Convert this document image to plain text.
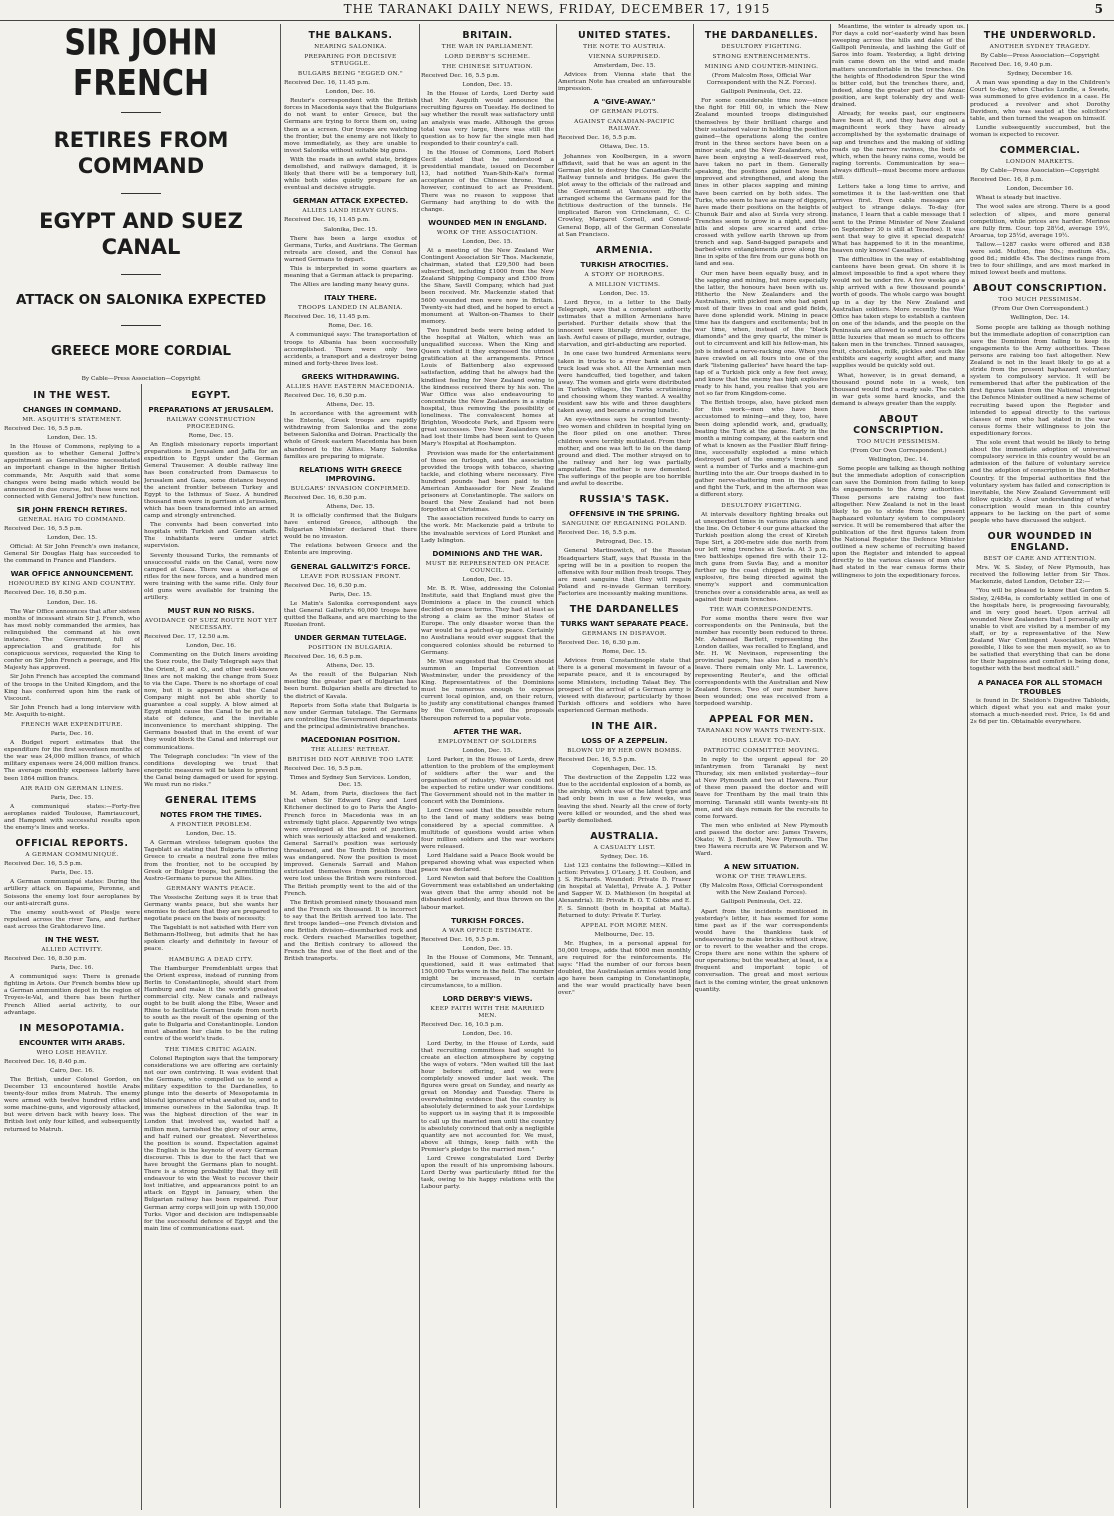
THE TARANAKI DAILY NEWS, FRIDAY, DECEMBER 17, 1915	5
SIR JOHN FRENCH
RETIRES FROM COMMAND
EGYPT AND SUEZ CANAL
ATTACK ON SALONIKA EXPECTED
GREECE MORE CORDIAL
By Cable—Press Association—Copyright
IN THE WEST.
CHANGES IN COMMAND.
MR. ASQUITH'S STATEMENT.
Received Dec. 16, 5.5 p.m.
London, Dec. 15.

In the House of Commons, replying to a question as to whether General Joffre's appointment as Generalissimo necessitated an important change in the higher British commands, Mr. Asquith said that some changes were being made which would be announced in due course, but these were not connected with General Joffre's new function.

SIR JOHN FRENCH RETIRES.
GENERAL HAIG TO COMMAND.
Received Dec. 16, 5.5 p.m.
London, Dec. 15.

Official: At Sir John French's own instance, General Sir Douglas Haig has succeeded to the command in France and Flanders.

WAR OFFICE ANNOUNCEMENT.
HONOURED BY KING AND COUNTRY.
Received Dec. 16, 8.50 p.m.
London, Dec. 16.

The War Office announces that after sixteen months of incessant strain Sir J. French, who has most nobly commanded the armies, has relinquished the command at his own instance. The Government, full of appreciation and gratitude for his conspicuous services, requested the King to confer on Sir John French a peerage, and His Majesty has approved.

Sir John French has accepted the command of the troops in the United Kingdom, and the King has conferred upon him the rank of Viscount.

Sir John French had a long interview with Mr. Asquith to-night.

FRENCH WAR EXPENDITURE.
Paris, Dec. 16.

A Budget report estimates that the expenditure for the first seventeen months of the war was 24,000 million francs, of which military expenses were 24,000 million francs. The average monthly expenses latterly have been 1864 million francs.

AIR RAID ON GERMAN LINES.
Paris, Dec. 15.

A communiqué states:—Forty-five aeroplanes raided Toulouse, Ramriaucourt, and Hampont with successful results upon the enemy's lines and works.

OFFICIAL REPORTS.
A GERMAN COMMUNIQUÉ.
Received Dec. 16, 5.5 p.m.
Paris, Dec. 15.

A German communiqué states: During the artillery attack on Bapaume, Peronne, and Soissons the enemy lost four aeroplanes by our anti-aircraft guns.

The enemy south-west of Pleslje were repulsed across the river Tara, and further east across the Grahtodarevo line.

IN THE WEST.
ALLIED ACTIVITY.
Received Dec. 16, 8.30 p.m.
Paris, Dec. 16.

A communiqué says: There is grenade fighting in Artois. Our French bombs blew up a German ammunition depot in the region of Troyes-le-Val, and there has been further French Allied aerial activity, to our advantage.

IN MESOPOTAMIA.
ENCOUNTER WITH ARABS.
WHO LOSE HEAVILY.
Received Dec. 16, 8.40 p.m.
Cairo, Dec. 16.

The British, under Colonel Gordon, on December 13 encountered hostile Arabs twenty-four miles from Matruh. The enemy were armed with twelve hundred rifles and some machine-guns, and vigorously attacked, but were driven back with heavy loss. The British lost only four killed, and subsequently returned to Matruh.

EGYPT.
PREPARATIONS AT JERUSALEM.
RAILWAY CONSTRUCTION PROCEEDING.
Rome, Dec. 15.

An English missionary reports important preparations in Jerusalem and Jaffa for an expedition to Egypt under the German General Trausemer. A double railway line has been constructed from Damascus to Jerusalem and Gaza, some distance beyond the ancient frontier between Turkey and Egypt to the Isthmus of Suez. A hundred thousand men were in garrison at Jerusalem, which has been transformed into an armed camp and strongly entrenched.

The convents had been converted into hospitals with Turkish and German staffs. The inhabitants were under strict supervision.

Seventy thousand Turks, the remnants of unsuccessful raids on the Canal, were now camped at Gaza. There was a shortage of rifles for the new forces, and a hundred men were training with the same rifle. Only four old guns were available for training the artillery.

MUST RUN NO RISKS.
AVOIDANCE OF SUEZ ROUTE NOT YET NECESSARY.
Received Dec. 17, 12.50 a.m.
London, Dec. 16.

Commenting on the Dutch liners avoiding the Suez route, the Daily Telegraph says that the Orient, P. and O., and other well-known lines are not making the change from Suez to via the Cape. There is no shortage of coal now, but it is apparent that the Canal Company might not be able shortly to guarantee a coal supply. A blow aimed at Egypt might cause the Canal to be put in a state of defence, and the inevitable inconvenience to merchant shipping. The Germans boasted that in the event of war they would block the Canal and interrupt our communications.

The Telegraph concludes: "In view of the conditions developing we trust that energetic measures will be taken to prevent the Canal being damaged or used for spying. We must run no risks."

GENERAL ITEMS
NOTES FROM THE TIMES.
A FRONTIER PROBLEM.
London, Dec. 15.

A German wireless telegram quotes the Tageblatt as stating that Bulgaria is offering Greece to create a neutral zone five miles from the frontier, not to be occupied by Greek or Bulgar troops, but permitting the Austro-Germans to pursue the Allies.

GERMANY WANTS PEACE.

The Vossische Zeitung says it is true that Germany wants peace, but she wants her enemies to declare that they are prepared to negotiate peace on the basis of necessity.

The Tageblatt is not satisfied with Herr von Bethmann-Hollweg, but admits that he has spoken clearly and definitely in favour of peace.

HAMBURG A DEAD CITY.

The Hamburger Fremdenblatt urges that the Orient express, instead of running from Berlin to Constantinople, should start from Hamburg and make it the world's greatest commercial city. New canals and railways ought to be built along the Elbe, Weser and Rhine to facilitate German trade from north to south as the result of the opening of the gate to Bulgaria and Constantinople. London must abandon her claim to be the ruling centre of the world's trade.

THE TIMES CRITIC AGAIN.

Colonel Repington says that the temporary considerations we are offering are certainly not our own contriving. It was evident that the Germans, who compelled us to send a military expedition to the Dardanelles, to plunge into the deserts of Mesopotamia in blissful ignorance of what awaited us, and to immerse ourselves in the Salonika trap. It was the highest direction of the war in London that involved us, wasted half a million men, tarnished the glory of our arms, and half ruined our greatest. Nevertheless the position is sound. Expectation against the English is the keynote of every German discourse. This is due to the fact that we have brought the Germans plan to nought. There is a strong probability that they will endeavour to win the West to recover their lost initiative, and appearances point to an attack on Egypt in January, when the Bulgarian railway has been repaired. Four German army corps will join up with 150,000 Turks. Vigor and decision are indispensable for the successful defence of Egypt and the main line of communications east.

THE BALKANS.
NEARING SALONIKA.
PREPARING FOR DECISIVE STRUGGLE.
BULGARS BEING "EGGED ON."
Received Dec. 16, 11.45 p.m.
London, Dec. 16.

Reuter's correspondent with the British forces in Macedonia says that the Bulgarians do not want to enter Greece, but the Germans are trying to force them on, using them as a screen. Our troops are watching the frontier, but the enemy are not likely to move immediately, as they are unable to invest Salonika without suitable big guns.

With the roads in an awful state, bridges demolished, and railways damaged, it is likely that there will be a temporary lull, while both sides quietly prepare for an eventual and decisive struggle.

GERMAN ATTACK EXPECTED.
ALLIES LAND HEAVY GUNS.
Received Dec. 16, 11.45 p.m.
Salonika, Dec. 15.

There has been a large exodus of Germans, Turks, and Austrians. The German retreats are closed, and the Consul has warned Germans to depart.

This is interpreted in some quarters as meaning that a German attack is preparing.

The Allies are landing many heavy guns.

ITALY THERE.
TROOPS LANDED IN ALBANIA.
Received Dec. 16, 11.45 p.m.
Rome, Dec. 16.

A communiqué says: The transportation of troops to Albania has been successfully accomplished. There were only two accidents, a transport and a destroyer being mined and forty-three lives lost.

GREEKS WITHDRAWING.
ALLIES HAVE EASTERN MACEDONIA.
Received Dec. 16, 6.30 p.m.
Athens, Dec. 15.

In accordance with the agreement with the Entente, Greek troops are rapidly withdrawing from Salonika and the zone between Salonika and Doiran. Practically the whole of Greek eastern Macedonia has been abandoned to the Allies. Many Salonika families are preparing to migrate.

RELATIONS WITH GREECE IMPROVING.
BULGARS' INVASION CONFIRMED.
Received Dec. 16, 6.30 p.m.
Athens, Dec. 15.

It is officially confirmed that the Bulgars have entered Greece, although the Bulgarian Minister declared that there would be no invasion.

The relations between Greece and the Entente are improving.

GENERAL GALLWITZ'S FORCE.
LEAVE FOR RUSSIAN FRONT.
Received Dec. 16, 6.30 p.m.
Paris, Dec. 15.

Le Matin's Salonika correspondent says that General Gallwitz's 60,000 troops have quitted the Balkans, and are marching to the Russian front.

UNDER GERMAN TUTELAGE.
POSITION IN BULGARIA.
Received Dec. 16, 6.5 p.m.
Athens, Dec. 15.

As the result of the Bulgarian Nish meeting the greater part of Bulgarian has been burnt. Bulgarian shells are directed to the district of Kavala.

Reports from Sofia state that Bulgaria is now under German tutelage. The Germans are controlling the Government departments and the principal administrative branches.

MACEDONIAN POSITION.
THE ALLIES' RETREAT.
BRITISH DID NOT ARRIVE TOO LATE
Received Dec. 16, 5.5 p.m.
Times and Sydney Sun Services. London, Dec. 15.

M. Adam, from Paris, discloses the fact that when Sir Edward Grey and Lord Kitchener declined to go to Paris the Anglo-French force in Macedonia was in an extremely tight place. Apparently two wings were enveloped at the point of junction, which was seriously attacked and weakened. General Sarrail's position was seriously threatened, and the Tenth British Division was endangered. Now the position is most improved. Generals Sarrail and Mahon extricated themselves from positions that were lost unless the British were reinforced. The British promptly went to the aid of the French.

The British promised ninety thousand men and the French six thousand. It is incorrect to say that the British arrived too late. The first troops landed—one French division and one British division—disembarked rock and rock. Orders reached Marseilles together, and the British contrary to allowed the French the first use of the fleet and of the British transports.

BRITAIN.
THE WAR IN PARLIAMENT.
LORD DERBY'S SCHEME.
THE CHINESE SITUATION.
Received Dec. 16, 5.5 p.m.
London, Dec. 15.

In the House of Lords, Lord Derby said that Mr. Asquith would announce the recruiting figures on Tuesday. He declined to say whether the result was satisfactory until an analysis was made. Although the gross total was very large, there was still the question as to how far the single men had responded to their country's call.

In the House of Commons, Lord Robert Cecil stated that he understood a presidential mandate, issued on December 13, had notified Yuan-Shih-Kai's formal acceptance of the Chinese throne. Yuan, however, continued to act as President. There was no reason to suppose that Germany had anything to do with the change.

WOUNDED MEN IN ENGLAND.
WORK OF THE ASSOCIATION.
London, Dec. 15.

At a meeting of the New Zealand War Contingent Association Sir Thos. Mackenzie, chairman, stated that £29,500 had been subscribed, including £1000 from the New Zealand Shipping Company and £500 from the Shaw, Savill Company, which had just been received. Mr. Mackenzie stated that 5600 wounded men were now in Britain. Twenty-six had died, and he hoped to erect a monument at Walton-on-Thames to their memory.

Two hundred beds were being added to the hospital at Walton, which was an unqualified success. When the King and Queen visited it they expressed the utmost gratification at the arrangements. Prince Louis of Battenberg also expressed satisfaction, adding that he always had the kindliest feeling for New Zealand owing to the kindness received there by his son. The War Office was also endeavouring to concentrate the New Zealanders in a single hospital, thus removing the possibility of loneliness. The convalescent homes at Brighton, Woodcote Park, and Epsom were great successes. Two New Zealanders who had lost their limbs had been sent to Queen Mary's Hospital at Roehampton.

Provision was made for the entertainment of those on furlough, and the association provided the troops with tobacco, shaving tackle, and clothing where necessary. Five hundred pounds had been paid to the American Ambassador for New Zealand prisoners at Constantinople. The sailors on board the New Zealand had not been forgotten at Christmas.

The association received funds to carry on the work. Mr. Mackenzie paid a tribute to the invaluable services of Lord Plunket and Lady Islington.

DOMINIONS AND THE WAR.
MUST BE REPRESENTED ON PEACE COUNCIL.
London, Dec. 15.

Mr. B. R. Wise, addressing the Colonial Institute, said that England must give the Dominions a place in the council which decided on peace terms. They had at least as strong a claim as the minor States of Europe. The only disaster worse than the war would be a patched-up peace. Certainly no Australians would ever suggest that the conquered colonies should be returned to Germany.

Mr. Wise suggested that the Crown should summon an Imperial Convention at Westminster, under the presidency of the King. Representatives of the Dominions must be numerous enough to express current local opinion, and, on their return, to justify any constitutional changes framed by the Convention, and the proposals thereupon referred to a popular vote.

AFTER THE WAR.
EMPLOYMENT OF SOLDIERS
London, Dec. 15.

Lord Parker, in the House of Lords, drew attention to the problem of the employment of soldiers after the war and the organisation of industry. Women could not be expected to retire under war conditions. The Government should not in the matter in concert with the Dominions.

Lord Crewe said that the possible return to the land of many soldiers was being considered by a special committee. A multitude of questions would arise when four million soldiers and the war workers were released.

Lord Haldane said a Peace Book would be prepared showing what was expected when peace was declared.

Lord Newton said that before the Coalition Government was established an undertaking was given that the army should not be disbanded suddenly, and thus thrown on the labour market.

TURKISH FORCES.
A WAR OFFICE ESTIMATE.
Received Dec. 16, 5.5 p.m.
London, Dec. 15.

In the House of Commons, Mr. Tennant, questioned, said it was estimated that 150,000 Turks were in the field. The number might be increased, in certain circumstances, to a million.

LORD DERBY'S VIEWS.
KEEP FAITH WITH THE MARRIED MEN.
Received Dec. 16, 10.5 p.m.
London, Dec. 16.

Lord Derby, in the House of Lords, said that recruiting committees had sought to create an election atmosphere by copying the ways of voters. "Men waited till the last hour before offering, and we were completely snowed under last week. The figures were great on Sunday, and nearly as great on Monday and Tuesday. There is overwhelming evidence that the country is absolutely determined to ask your Lordships to support us in saying that it is impossible to call up the married men until the country is absolutely convinced that only a negligible quantity are not accounted for. We must, above all things, keep faith with the Premier's pledge to the married men."

Lord Crewe congratulated Lord Derby upon the result of his unpromising labours. Lord Derby was particularly fitted for the task, owing to his happy relations with the Labour party.

UNITED STATES.
THE NOTE TO AUSTRIA.
VIENNA SURPRISED.
Amsterdam, Dec. 15.

Advices from Vienna state that the American Note has created an unfavourable impression.

A "GIVE-AWAY."
OF GERMAN PLOTS.
AGAINST CANADIAN-PACIFIC RAILWAY.
Received Dec. 16, 5.5 p.m.
Ottawa, Dec. 15.

Johannes von Koolbergen, in a sworn affidavit, said that he was an agent in the German plot to destroy the Canadian-Pacific Railway tunnels and bridges. He gave the plot away to the officials of the railroad and the Government at Vancouver. By the arranged scheme the Germans paid for the fictitious destruction of the tunnels. He implicated Baron von Crinckmann, C. C. Crowley, Margaret Cornell, and Consul-General Bopp, all of the German Consulate at San Francisco.

ARMENIA.
TURKISH ATROCITIES.
A STORY OF HORRORS.
A MILLION VICTIMS.
London, Dec. 15.

Lord Bryce, in a letter to the Daily Telegraph, says that a competent authority estimates that a million Armenians have perished. Further details show that the innocent were literally driven under the lash. Awful cases of pillage, murder, outrage, starvation, and girl-abducting are reported.

In one case two hundred Armenians were taken in trucks to a river bank and each truck load was shot. All the Armenian men were handcuffed, tied together, and taken away. The women and girls were distributed in Turkish villages, the Turks scrutinising and choosing whom they wanted. A wealthy resident saw his wife and three daughters taken away, and became a raving lunatic.

An eye-witness says he counted twenty-two women and children in hospital lying on the floor piled on one another. Three children were terribly mutilated. From their mother, and one was left to lie on the damp ground and died. The mother strayed on to the railway and her leg was partially amputated. The mother is now demented. The sufferings of the people are too horrible and awful to describe.

RUSSIA'S TASK.
OFFENSIVE IN THE SPRING.
SANGUINE OF REGAINING POLAND.
Received Dec. 16, 5.5 p.m.
Petrograd, Dec. 15.

General Martinowitch, of the Russian Headquarters Staff, says that Russia in the spring will be in a position to reopen the offensive with four million fresh troops. They are most sanguine that they will regain Poland and re-invade German territory. Factories are incessantly making munitions.

THE DARDANELLES
TURKS WANT SEPARATE PEACE.
GERMANS IN DISFAVOR.
Received Dec. 16, 6.30 p.m.
Rome, Dec. 15.

Advices from Constantinople state that there is a general movement in favour of a separate peace, and it is encouraged by some Ministers, including Talaat Bey. The prospect of the arrival of a German army is viewed with disfavour, particularly by those Turkish officers and soldiers who have experienced German methods.

IN THE AIR.
LOSS OF A ZEPPELIN.
BLOWN UP BY HER OWN BOMBS.
Received Dec. 16, 5.5 p.m.
Copenhagen, Dec. 15.

The destruction of the Zeppelin L22 was due to the accidental explosion of a bomb, as the airship, which was of the latest type and had only been in use a few weeks, was leaving the shed. Nearly all the crew of forty were killed or wounded, and the shed was partly demolished.

AUSTRALIA.
A CASUALTY LIST.
Sydney, Dec. 16.

List 123 contains the following:—Killed in action: Privates J. O'Leary, J. H. Coulson, and J. S. Richards. Wounded: Private D. Fraser (in hospital at Valetta), Private A. J. Potter and Sapper W. D. Mathieson (in hospital at Alexandria). Ill: Private R. O. T. Gibbs and E. F. S. Sinnott (both in hospital at Malta). Returned to duty: Private F. Turley.

APPEAL FOR MORE MEN.
Melbourne, Dec. 15.

Mr. Hughes, in a personal appeal for 50,000 troops, adds that 6000 men monthly are required for the reinforcements. He says: "Had the number of our forces been doubled, the Australasian armies would long ago have been camping in Constantinople, and the war would practically have been over."

THE DARDANELLES.
DESULTORY FIGHTING.
STRONG ENTRENCHMENTS.
MINING AND COUNTER-MINING.
(From Malcolm Ross, Official War Correspondent with the N.Z. Forces).
Gallipoli Peninsula, Oct. 22.

For some considerable time now—since the fight for Hill 60, in which the New Zealand mounted troops distinguished themselves by their brilliant charge and their sustained valour in holding the position gained—the operations along the centre front in the three sectors have been on a minor scale, and the New Zealanders, who have been enjoying a well-deserved rest, have taken no part in them. Generally speaking, the positions gained have been improved and strengthened, and along the lines in other places sapping and mining have been carried on by both sides. The Turks, who seem to have as many of diggers, have made their positions on the heights of Chunuk Bair and also at Suvla very strong. Trenches seem to grow in a night, and the hills and slopes are scarred and criss-crossed with yellow earth thrown up from trench and sap. Sand-bagged parapets and barbed-wire entanglements grow along the line in spite of the fire from our guns both on land and sea.

Our men have been equally busy, and in the sapping and mining, but more especially the latter, the honours have been with us. Hitherto the New Zealanders and the Australians, with picked men who had spent most of their lives in coal and gold fields, have done splendid work. Mining in peace time has its dangers and excitements; but in war time, when, instead of the "black diamonds" and the grey quartz, the miner is out to circumvent and kill his fellow-man, his job is indeed a nerve-racking one. When you have crawled on all fours into one of the dark "listening galleries" have heard the tap-tap of a Turkish pick only a few feet away, and know that the enemy has high explosive ready to his hand, you realise that you are not so far from Kingdom-come.

The British troops, also, have picked men for this work—men who have been accustomed to mining—and they, too, have been doing splendid work, and, gradually, beating the Turk at the game. Early in the month a mining company, at the eastern end of what is known as the Fusilier Bluff firing-line, successfully exploded a mine which destroyed part of the enemy's trench and sent a number of Turks and a machine-gun hurtling into the air. Our troops dashed in to gather nerve-shattering men in the place and fight the Turk, and in the afternoon was a different story.

DESULTORY FIGHTING.

At intervals desultory fighting breaks out at unexpected times in various places along the line. On October 4 our guns attacked the Turkish position along the crest of Kireteh Tepe Sirt, a 200-metre side due north from our left wing trenches at Suvla. At 3 p.m. two battleships opened fire with their 12-inch guns from Suvla Bay, and a monitor further up the coast chipped in with high explosive, fire being directed against the enemy's support and communication trenches over a considerable area, as well as against their main trenches.

THE WAR CORRESPONDENTS.

For some months there were five war correspondents on the Peninsula, but the number has recently been reduced to three. Mr. Ashmead Bartlett, representing the London dailies, was recalled to England, and Mr. H. W. Nevinson, representing the provincial papers, has also had a month's leave. There remain only Mr. L. Lawrence, representing Reuter's, and the official correspondents with the Australian and New Zealand forces. Two of our number have been wounded; one was received from a torpedoed warship.

APPEAL FOR MEN.
TARANAKI NOW WANTS TWENTY-SIX.
HOURS LEAVE TO-DAY.
PATRIOTIC COMMITTEE MOVING.

In reply to the urgent appeal for 20 infantrymen from Taranaki by next Thursday, six men enlisted yesterday—four at New Plymouth and two at Hawera. Four of these men passed the doctor and will leave for Trentham by the mail train this morning. Taranaki still wants twenty-six fit men, and six days remain for the recruits to come forward.

The men who enlisted at New Plymouth and passed the doctor are: James Travers, Okato; W. J. Benfield, New Plymouth. The two Hawera recruits are W. Paterson and W. Ward.

A NEW SITUATION.
WORK OF THE TRAWLERS.
(By Malcolm Ross, Official Correspondent with the New Zealand Forces).
Gallipoli Peninsula, Oct. 22.

Apart from the incidents mentioned in yesterday's letter, it has seemed for some time past as if the war correspondents would have the thankless task of endeavouring to make bricks without straw, or to revert to the weather and the crops. Crops there are none within the sphere of our operations; but the weather, at least, is a frequent and important topic of conversation. The great and most serious fact is the coming winter, the great unknown quantity.

Meantime, the winter is already upon us. For days a cold nor'-easterly wind has been sweeping across the hills and dales of the Gallipoli Peninsula, and lashing the Gulf of Saros into foam. Yesterday, a light driving rain came down on the wind and made matters uncomfortable in the trenches. On the heights of Rhododendron Spur the wind is bitter cold, but the trenches there, and, indeed, along the greater part of the Anzac position, are kept tolerably dry and well-drained.

Already, for weeks past, our engineers have been at it, and they have dug out a magnificent work they have already accomplished by the systematic drainage of sap and trenches and the making of sidling roads up the narrow ravines, the beds of which, when the heavy rains come, would be raging torrents. Communication by sea—always difficult—must become more arduous still.

Letters take a long time to arrive, and sometimes it is the last-written one that arrives first. Even cable messages are subject to strange delays. To-day (for instance, I learn that a cable message that I sent to the Prime Minister of New Zealand on September 30 is still at Tenedos). It was sent that way to give it special despatch! What has happened to it in the meantime, heaven only knows! Casualties.

The difficulties in the way of establishing canteens have been great. On shore it is almost impossible to find a spot where they would not be under fire. A few weeks ago a ship arrived with a few thousand pounds' worth of goods. The whole cargo was bought up in a day by the New Zealand and Australian soldiers. More recently the War Office has taken steps to establish a canteen on one of the islands, and the people on the Peninsula are allowed to send across for the little luxuries that mean so much to officers taken men in the trenches. Tinned sausages, fruit, chocolates, milk, pickles and such like exhibits are eagerly sought after, and many supplies would be quickly sold out.

What, however, is in great demand, a thousand pound note in a week, ten thousand would find a ready sale. The catch in war gets some hard knocks, and the demand is always greater than the supply.

ABOUT CONSCRIPTION.
TOO MUCH PESSIMISM.
(From Our Own Correspondent.)
Wellington, Dec. 14.

Some people are talking as though nothing but the immediate adoption of conscription can save the Dominion from failing to keep its engagements to the Army authorities. These persons are raising too fast altogether. New Zealand is not in the least likely to go to stride from the present haphazard voluntary system to compulsory service. It will be remembered that after the publication of the first figures taken from the National Register the Defence Minister outlined a new scheme of recruiting based upon the Register and intended to appeal directly to the various classes of men who had stated in the war census forms their willingness to join the expeditionary forces.

THE UNDERWORLD.
ANOTHER SYDNEY TRAGEDY.
By Cable—Press Association—Copyright
Received Dec. 16, 9.40 p.m.
Sydney, December 16.

A man was spending a day in the Children's Court to-day, when Charles Lundie, a Swede, was summoned to give evidence in a case. He produced a revolver and shot Dorothy Davidson, who was seated at the solicitors' table, and then turned the weapon on himself.

Lundie subsequently succumbed, but the woman is expected to recover.

COMMERCIAL.
LONDON MARKETS.
By Cable—Press Association—Copyright
Received Dec. 16, 8 p.m.
London, December 16.

Wheat is steady but inactive.

The wool sales are strong. There is a good selection of slipes, and more general competition, while prices are harder. Merinos are fully firm. Cour. top 28½d, average 19½, Aroarua, top 25½d, average 19½.

Tallow.—1287 casks were offered and 838 were sold. Mutton, fine 50s.; medium 45s., good 8d.; middle 45s. The declines range from two to four shillings, and are most marked in mixed lowest beefs and muttons.

ABOUT CONSCRIPTION.
TOO MUCH PESSIMISM.
(From Our Own Correspondent.)
Wellington, Dec. 14.

Some people are talking as though nothing but the immediate adoption of conscription can save the Dominion from failing to keep its engagements to the Army authorities. These persons are raising too fast altogether. New Zealand is not in the least likely to go at a stride from the present haphazard voluntary system to compulsory service. It will be remembered that after the publication of the first figures taken from the National Register the Defence Minister outlined a new scheme of recruiting based upon the Register and intended to appeal directly to the various classes of men who had stated in the war census forms their willingness to join the expeditionary forces.

The sole event that would be likely to bring about the immediate adoption of universal compulsory service in this country would be an admission of the failure of voluntary service and the adoption of conscription in the Mother Country. If the Imperial authorities find the voluntary system has failed and conscription is inevitable, the New Zealand Government will follow quickly. A clear understanding of what conscription would mean in this country appears to be lacking on the part of some people who have discussed the subject.

OUR WOUNDED IN ENGLAND.
BEST OF CARE AND ATTENTION.

Mrs. W. S. Sisley, of New Plymouth, has received the following letter from Sir Thos. Mackenzie, dated London, October 22:—

"You will be pleased to know that Gordon S. Sisley, 2/484a, is comfortably settled in one of the hospitals here, is progressing favourably, and in very good heart. Upon arrival all wounded New Zealanders that I personally am unable to visit are visited by a member of my staff, or by a representative of the New Zealand War Contingent Association. When possible, I like to see the men myself, so as to be satisfied that everything that can be done for their happiness and comfort is being done, together with the best medical skill."

A PANACEA FOR ALL STOMACH TROUBLES

is found in Dr. Sheldon's Digestive Tabloids, which digest what you eat and make your stomach a much-needed rest. Price, 1s 6d and 2s 6d per tin. Obtainable everywhere.
